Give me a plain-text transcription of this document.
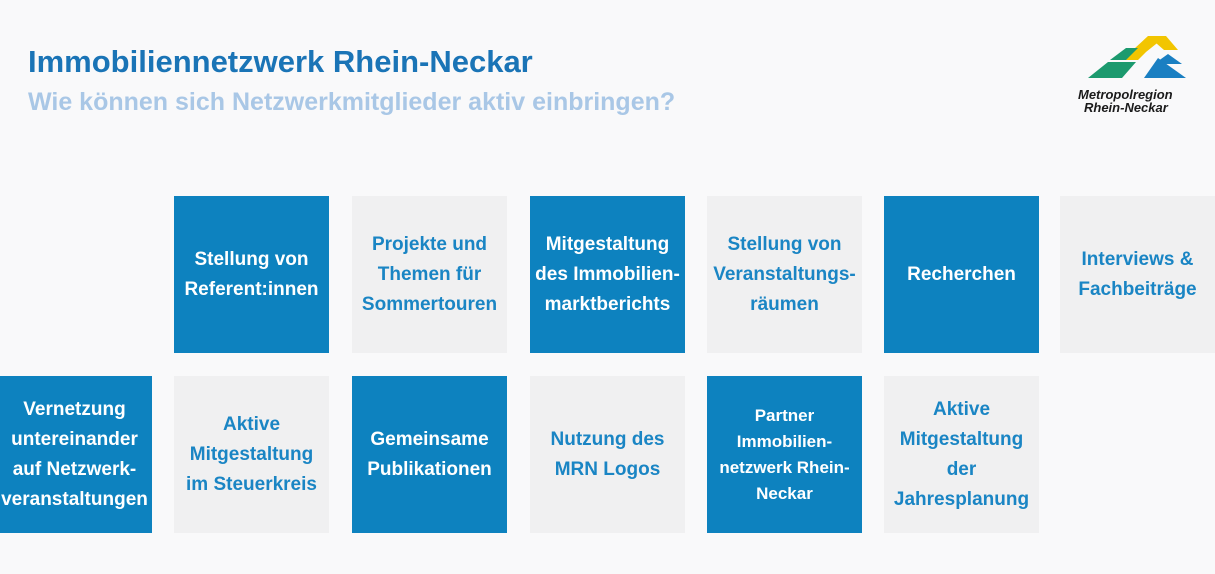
Immobiliennetzwerk Rhein-Neckar
Wie können sich Netzwerkmitglieder aktiv einbringen?	Metropolregion
Rhein-Neckar
Stellung von
Referent:innen
Projekte und
Themen für
Sommertouren
Mitgestaltung
des Immobilien-
marktberichts
Stellung von
Veranstaltungs-
räumen
Recherchen
Interviews &
Fachbeiträge
Vernetzung
untereinander
auf Netzwerk-
veranstaltungen
Aktive
Mitgestaltung
im Steuerkreis
Gemeinsame
Publikationen
Nutzung des
MRN Logos
Partner
Immobilien-
netzwerk Rhein-
Neckar
Aktive
Mitgestaltung
der
Jahresplanung
